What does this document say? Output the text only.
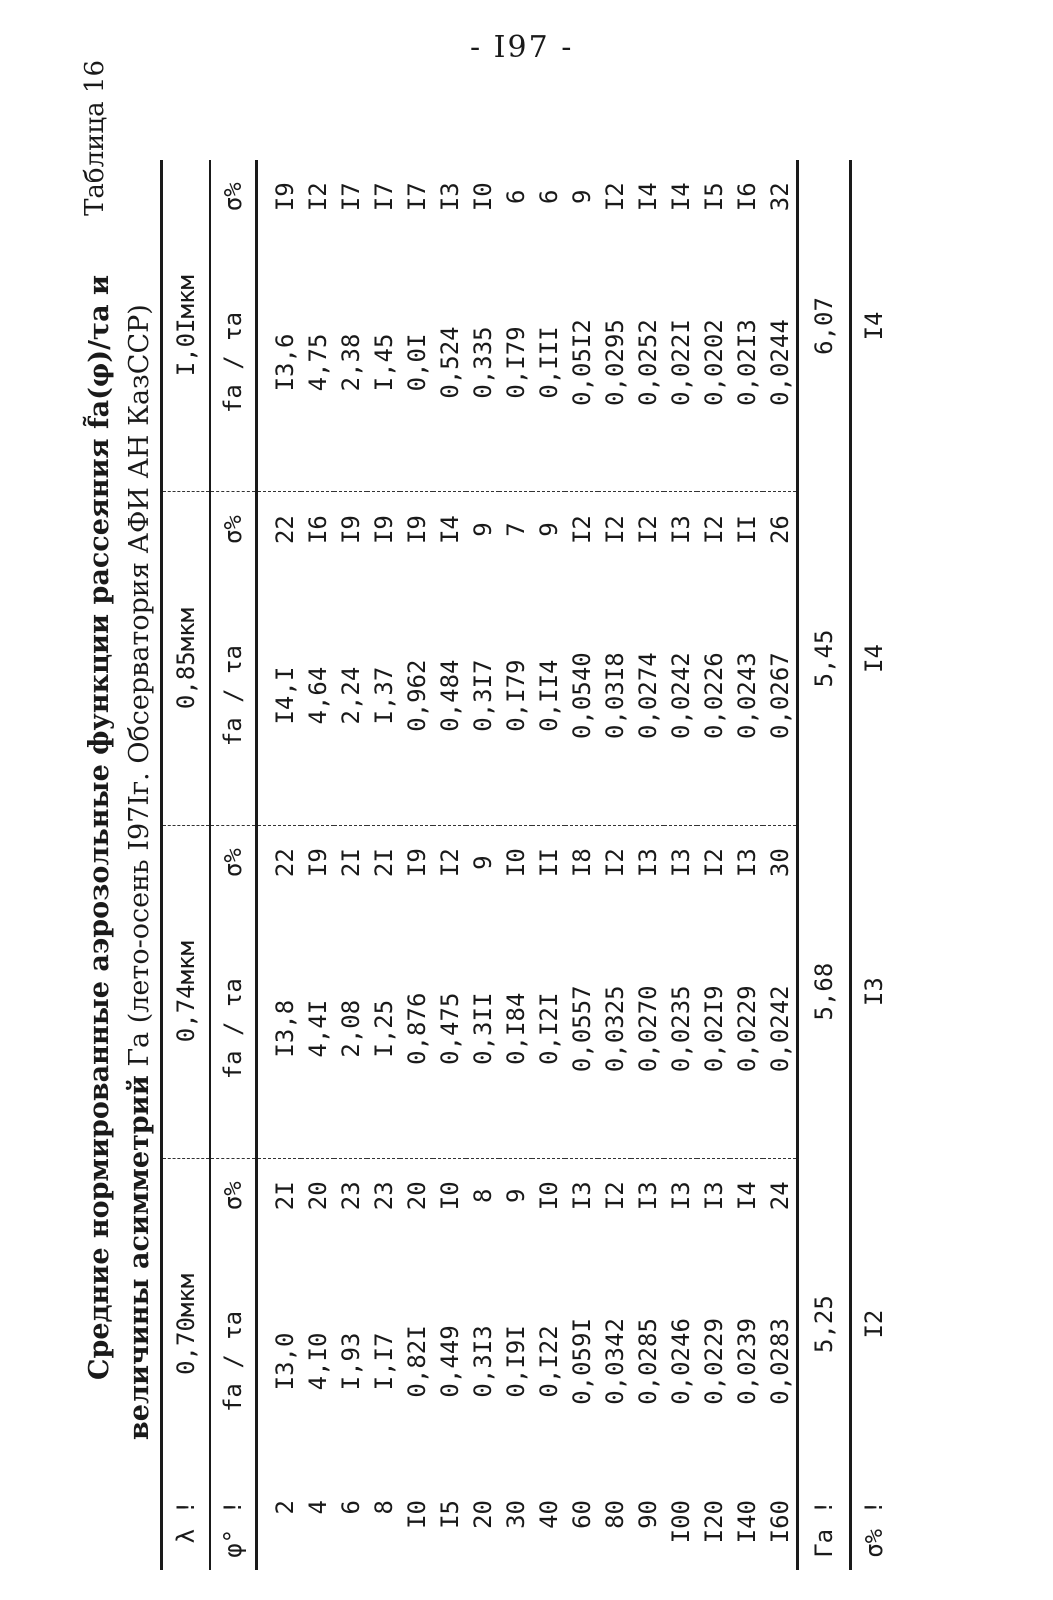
- I97 -
Таблица 16
Средние нормированные аэрозольные функции рассеяния f̃a(φ)/τa и величины асимметрий Γa (лето-осень I97Iг. Обсерватория АФИ АН КазССР)
λ !	0,70мкм		0,74мкм		0,85мкм		I,0Iмкм	
φ° !	fa / τa	σ%	fa / τa	σ%	fa / τa	σ%	fa / τa	σ%
2	I3,0	2I	I3,8	22	I4,I	22	I3,6	I9
4	4,I0	20	4,4I	I9	4,64	I6	4,75	I2
6	I,93	23	2,08	2I	2,24	I9	2,38	I7
8	I,I7	23	I,25	2I	I,37	I9	I,45	I7
I0	0,82I	20	0,876	I9	0,962	I9	0,0I	I7
I5	0,449	I0	0,475	I2	0,484	I4	0,524	I3
20	0,3I3	8	0,3II	9	0,3I7	9	0,335	I0
30	0,I9I	9	0,I84	I0	0,I79	7	0,I79	6
40	0,I22	I0	0,I2I	II	0,II4	9	0,III	6
60	0,059I	I3	0,0557	I8	0,0540	I2	0,05I2	9
80	0,0342	I2	0,0325	I2	0,03I8	I2	0,0295	I2
90	0,0285	I3	0,0270	I3	0,0274	I2	0,0252	I4
I00	0,0246	I3	0,0235	I3	0,0242	I3	0,022I	I4
I20	0,0229	I3	0,02I9	I2	0,0226	I2	0,0202	I5
I40	0,0239	I4	0,0229	I3	0,0243	II	0,02I3	I6
I60	0,0283	24	0,0242	30	0,0267	26	0,0244	32
Γa !	5,25		5,68		5,45		6,07	
σ% !	I2		I3		I4		I4	
